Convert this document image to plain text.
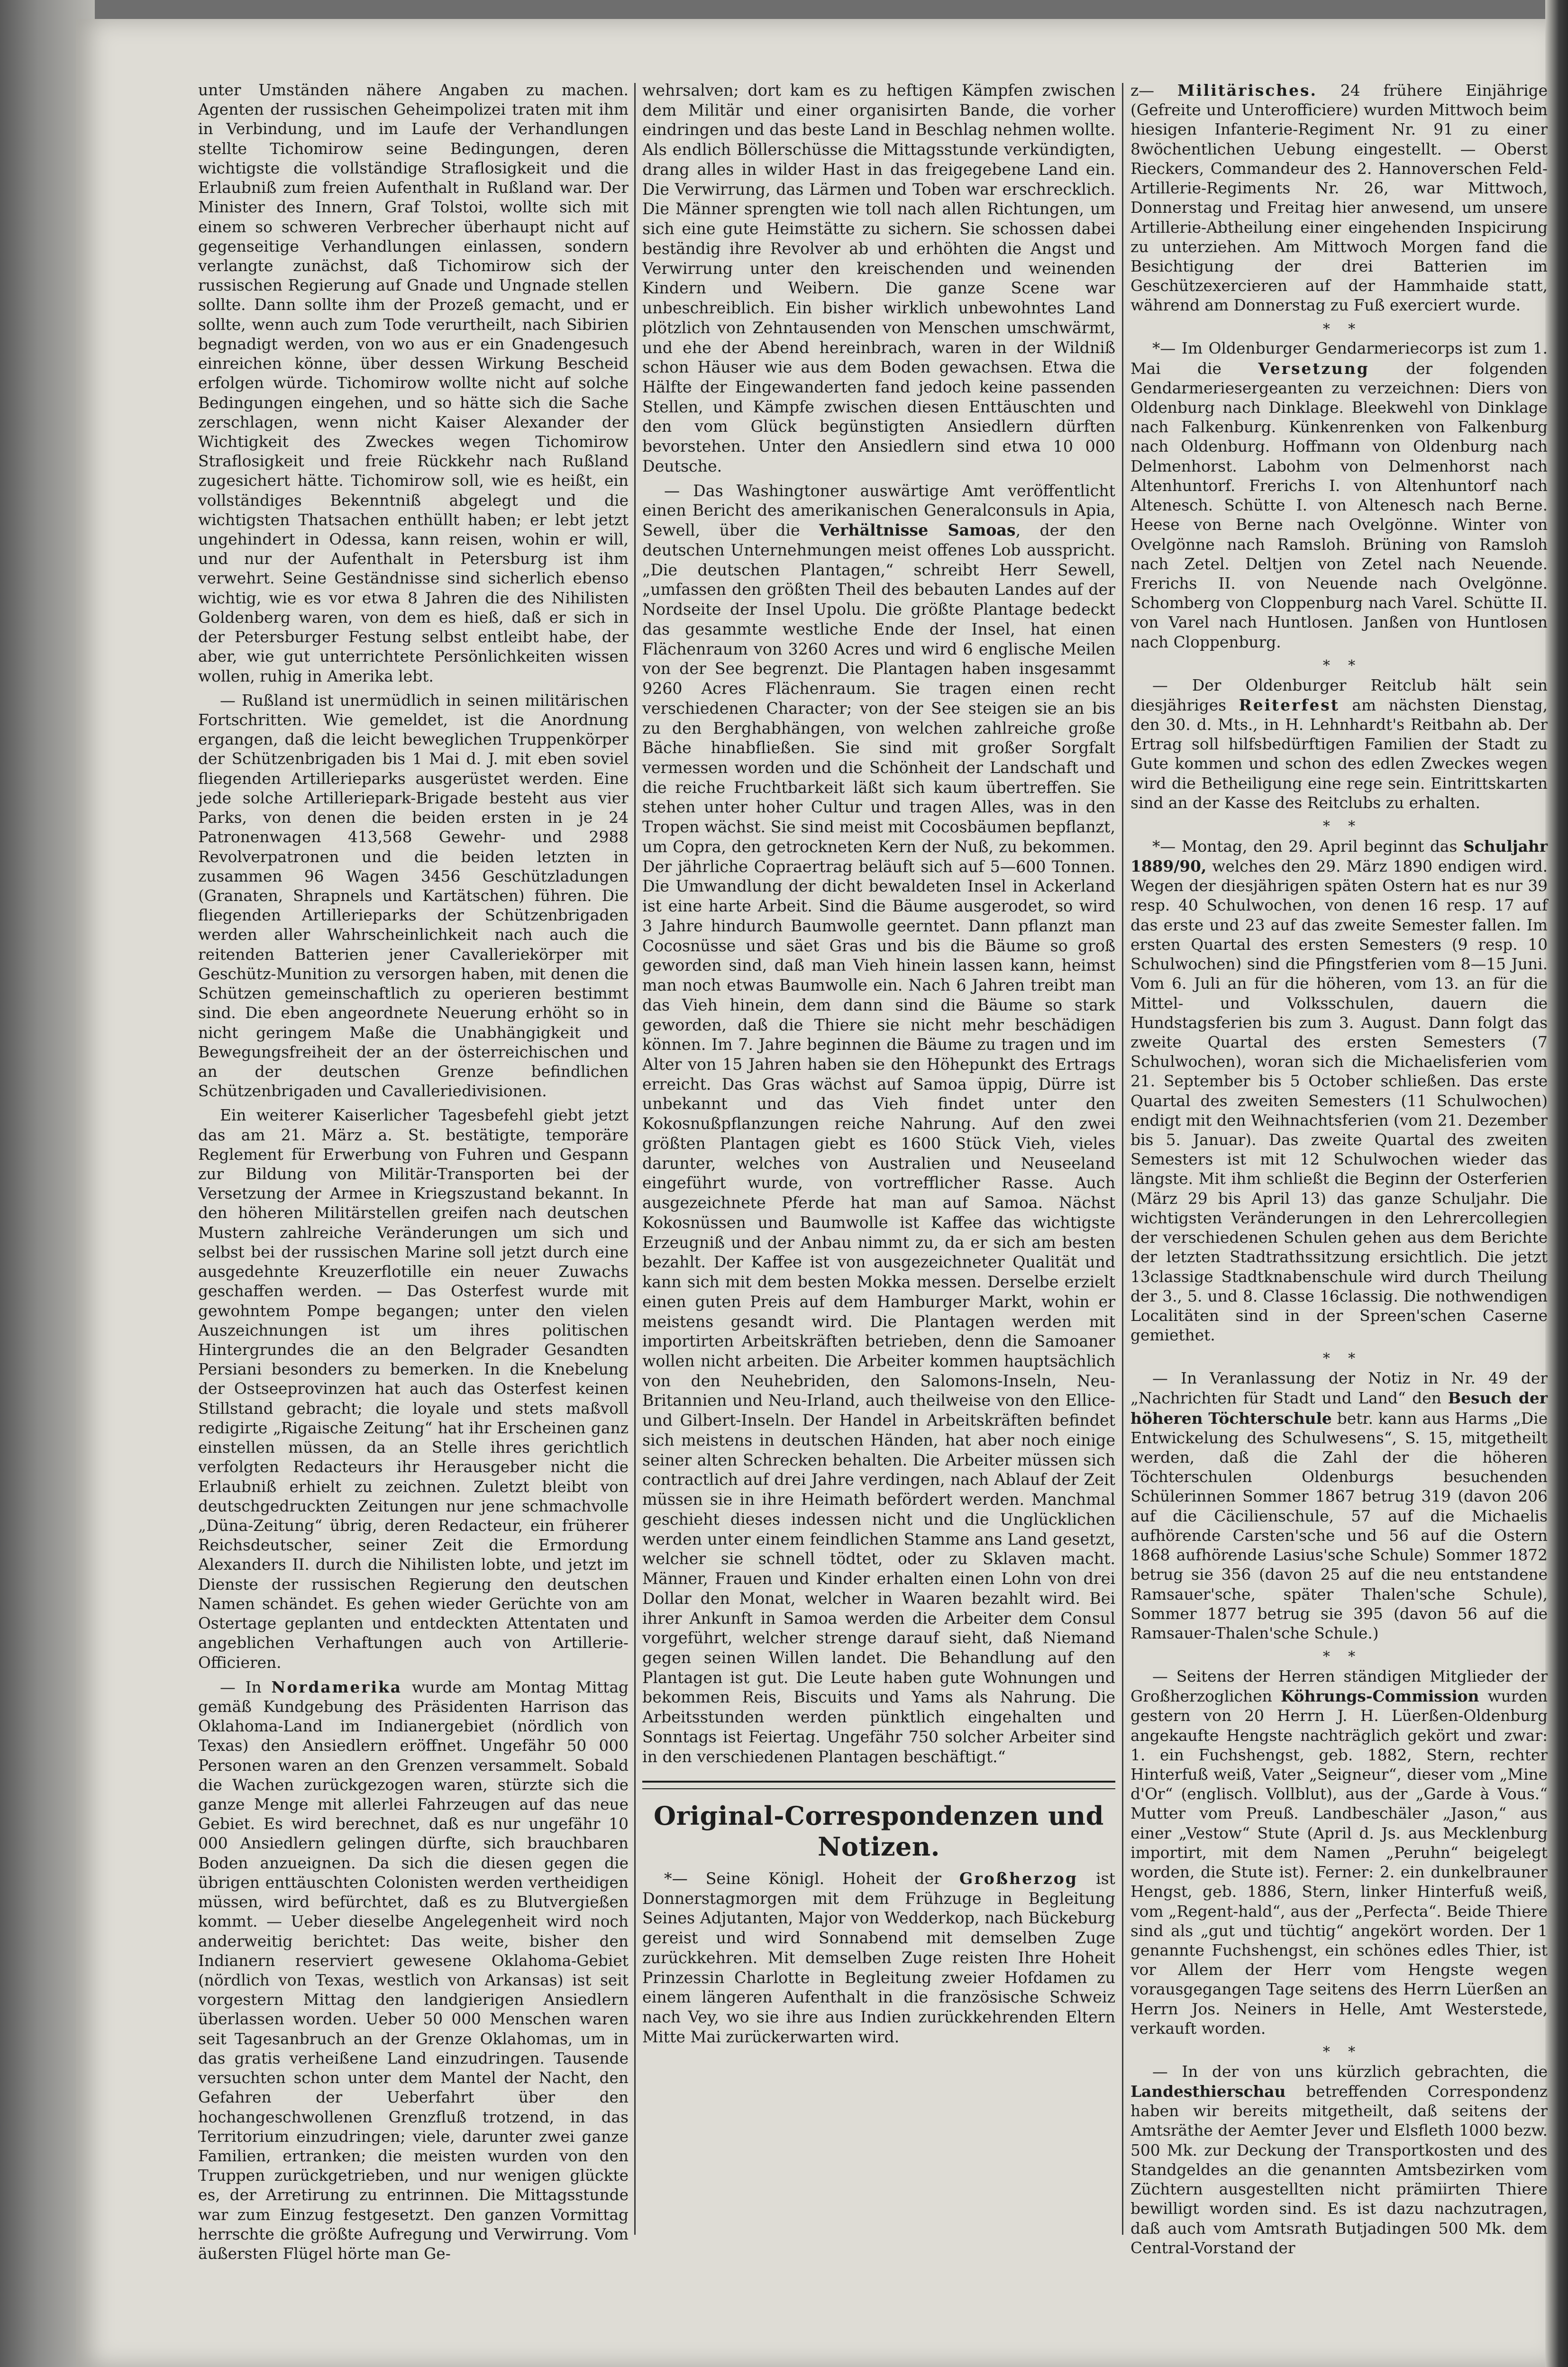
unter Umständen nähere Angaben zu machen. Agenten der russischen Geheimpolizei traten mit ihm in Verbindung, und im Laufe der Verhandlungen stellte Tichomirow seine Bedingungen, deren wichtigste die vollständige Straflosigkeit und die Erlaubniß zum freien Aufenthalt in Rußland war. Der Minister des Innern, Graf Tolstoi, wollte sich mit einem so schweren Verbrecher überhaupt nicht auf gegenseitige Verhandlungen einlassen, sondern verlangte zunächst, daß Tichomirow sich der russischen Regierung auf Gnade und Ungnade stellen sollte. Dann sollte ihm der Prozeß gemacht, und er sollte, wenn auch zum Tode verurtheilt, nach Sibirien begnadigt werden, von wo aus er ein Gnadengesuch einreichen könne, über dessen Wirkung Bescheid erfolgen würde. Tichomirow wollte nicht auf solche Bedingungen eingehen, und so hätte sich die Sache zerschlagen, wenn nicht Kaiser Alexander der Wichtigkeit des Zweckes wegen Tichomirow Straflosigkeit und freie Rückkehr nach Rußland zugesichert hätte. Tichomirow soll, wie es heißt, ein vollständiges Bekenntniß abgelegt und die wichtigsten Thatsachen enthüllt haben; er lebt jetzt ungehindert in Odessa, kann reisen, wohin er will, und nur der Aufenthalt in Petersburg ist ihm verwehrt. Seine Geständnisse sind sicherlich ebenso wichtig, wie es vor etwa 8 Jahren die des Nihilisten Goldenberg waren, von dem es hieß, daß er sich in der Petersburger Festung selbst entleibt habe, der aber, wie gut unterrichtete Persönlichkeiten wissen wollen, ruhig in Amerika lebt.

— Rußland ist unermüdlich in seinen militärischen Fortschritten. Wie gemeldet, ist die Anordnung ergangen, daß die leicht beweglichen Truppenkörper der Schützenbrigaden bis 1 Mai d. J. mit eben soviel fliegenden Artillerieparks ausgerüstet werden. Eine jede solche Artilleriepark-Brigade besteht aus vier Parks, von denen die beiden ersten in je 24 Patronenwagen 413,568 Gewehr- und 2988 Revolverpatronen und die beiden letzten in zusammen 96 Wagen 3456 Geschützladungen (Granaten, Shrapnels und Kartätschen) führen. Die fliegenden Artillerieparks der Schützenbrigaden werden aller Wahrscheinlichkeit nach auch die reitenden Batterien jener Cavalleriekörper mit Geschütz-Munition zu versorgen haben, mit denen die Schützen gemeinschaftlich zu operieren bestimmt sind. Die eben angeordnete Neuerung erhöht so in nicht geringem Maße die Unabhängigkeit und Bewegungsfreiheit der an der österreichischen und an der deutschen Grenze befindlichen Schützenbrigaden und Cavalleriedivisionen.

Ein weiterer Kaiserlicher Tagesbefehl giebt jetzt das am 21. März a. St. bestätigte, temporäre Reglement für Erwerbung von Fuhren und Gespann zur Bildung von Militär-Transporten bei der Versetzung der Armee in Kriegszustand bekannt. In den höheren Militärstellen greifen nach deutschen Mustern zahlreiche Veränderungen um sich und selbst bei der russischen Marine soll jetzt durch eine ausgedehnte Kreuzerflotille ein neuer Zuwachs geschaffen werden. — Das Osterfest wurde mit gewohntem Pompe begangen; unter den vielen Auszeichnungen ist um ihres politischen Hintergrundes die an den Belgrader Gesandten Persiani besonders zu bemerken. In die Knebelung der Ostseeprovinzen hat auch das Osterfest keinen Stillstand gebracht; die loyale und stets maßvoll redigirte „Rigaische Zeitung“ hat ihr Erscheinen ganz einstellen müssen, da an Stelle ihres gerichtlich verfolgten Redacteurs ihr Herausgeber nicht die Erlaubniß erhielt zu zeichnen. Zuletzt bleibt von deutschgedruckten Zeitungen nur jene schmachvolle „Düna-Zeitung“ übrig, deren Redacteur, ein früherer Reichsdeutscher, seiner Zeit die Ermordung Alexanders II. durch die Nihilisten lobte, und jetzt im Dienste der russischen Regierung den deutschen Namen schändet. Es gehen wieder Gerüchte von am Ostertage geplanten und entdeckten Attentaten und angeblichen Verhaftungen auch von Artillerie-Officieren.

— In Nordamerika wurde am Montag Mittag gemäß Kundgebung des Präsidenten Harrison das Oklahoma-Land im Indianergebiet (nördlich von Texas) den Ansiedlern eröffnet. Ungefähr 50 000 Personen waren an den Grenzen versammelt. Sobald die Wachen zurückgezogen waren, stürzte sich die ganze Menge mit allerlei Fahrzeugen auf das neue Gebiet. Es wird berechnet, daß es nur ungefähr 10 000 Ansiedlern gelingen dürfte, sich brauchbaren Boden anzueignen. Da sich die diesen gegen die übrigen enttäuschten Colonisten werden vertheidigen müssen, wird befürchtet, daß es zu Blutvergießen kommt. — Ueber dieselbe Angelegenheit wird noch anderweitig berichtet: Das weite, bisher den Indianern reserviert gewesene Oklahoma-Gebiet (nördlich von Texas, westlich von Arkansas) ist seit vorgestern Mittag den landgierigen Ansiedlern überlassen worden. Ueber 50 000 Menschen waren seit Tagesanbruch an der Grenze Oklahomas, um in das gratis verheißene Land einzudringen. Tausende versuchten schon unter dem Mantel der Nacht, den Gefahren der Ueberfahrt über den hochangeschwollenen Grenzfluß trotzend, in das Territorium einzudringen; viele, darunter zwei ganze Familien, ertranken; die meisten wurden von den Truppen zurückgetrieben, und nur wenigen glückte es, der Arretirung zu entrinnen. Die Mittagsstunde war zum Einzug festgesetzt. Den ganzen Vormittag herrschte die größte Aufregung und Verwirrung. Vom äußersten Flügel hörte man Ge-

wehrsalven; dort kam es zu heftigen Kämpfen zwischen dem Militär und einer organisirten Bande, die vorher eindringen und das beste Land in Beschlag nehmen wollte. Als endlich Böllerschüsse die Mittagsstunde verkündigten, drang alles in wilder Hast in das freigegebene Land ein. Die Verwirrung, das Lärmen und Toben war erschrecklich. Die Männer sprengten wie toll nach allen Richtungen, um sich eine gute Heimstätte zu sichern. Sie schossen dabei beständig ihre Revolver ab und erhöhten die Angst und Verwirrung unter den kreischenden und weinenden Kindern und Weibern. Die ganze Scene war unbeschreiblich. Ein bisher wirklich unbewohntes Land plötzlich von Zehntausenden von Menschen umschwärmt, und ehe der Abend hereinbrach, waren in der Wildniß schon Häuser wie aus dem Boden gewachsen. Etwa die Hälfte der Eingewanderten fand jedoch keine passenden Stellen, und Kämpfe zwischen diesen Enttäuschten und den vom Glück begünstigten Ansiedlern dürften bevorstehen. Unter den Ansiedlern sind etwa 10 000 Deutsche.

— Das Washingtoner auswärtige Amt veröffentlicht einen Bericht des amerikanischen Generalconsuls in Apia, Sewell, über die Verhältnisse Samoas, der den deutschen Unternehmungen meist offenes Lob ausspricht. „Die deutschen Plantagen,“ schreibt Herr Sewell, „umfassen den größten Theil des bebauten Landes auf der Nordseite der Insel Upolu. Die größte Plantage bedeckt das gesammte westliche Ende der Insel, hat einen Flächenraum von 3260 Acres und wird 6 englische Meilen von der See begrenzt. Die Plantagen haben insgesammt 9260 Acres Flächenraum. Sie tragen einen recht verschiedenen Character; von der See steigen sie an bis zu den Berghabhängen, von welchen zahlreiche große Bäche hinabfließen. Sie sind mit großer Sorgfalt vermessen worden und die Schönheit der Landschaft und die reiche Fruchtbarkeit läßt sich kaum übertreffen. Sie stehen unter hoher Cultur und tragen Alles, was in den Tropen wächst. Sie sind meist mit Cocosbäumen bepflanzt, um Copra, den getrockneten Kern der Nuß, zu bekommen. Der jährliche Copraertrag beläuft sich auf 5—600 Tonnen. Die Umwandlung der dicht bewaldeten Insel in Ackerland ist eine harte Arbeit. Sind die Bäume ausgerodet, so wird 3 Jahre hindurch Baumwolle geerntet. Dann pflanzt man Cocosnüsse und säet Gras und bis die Bäume so groß geworden sind, daß man Vieh hinein lassen kann, heimst man noch etwas Baumwolle ein. Nach 6 Jahren treibt man das Vieh hinein, dem dann sind die Bäume so stark geworden, daß die Thiere sie nicht mehr beschädigen können. Im 7. Jahre beginnen die Bäume zu tragen und im Alter von 15 Jahren haben sie den Höhepunkt des Ertrags erreicht. Das Gras wächst auf Samoa üppig, Dürre ist unbekannt und das Vieh findet unter den Kokosnußpflanzungen reiche Nahrung. Auf den zwei größten Plantagen giebt es 1600 Stück Vieh, vieles darunter, welches von Australien und Neuseeland eingeführt wurde, von vortrefflicher Rasse. Auch ausgezeichnete Pferde hat man auf Samoa. Nächst Kokosnüssen und Baumwolle ist Kaffee das wichtigste Erzeugniß und der Anbau nimmt zu, da er sich am besten bezahlt. Der Kaffee ist von ausgezeichneter Qualität und kann sich mit dem besten Mokka messen. Derselbe erzielt einen guten Preis auf dem Hamburger Markt, wohin er meistens gesandt wird. Die Plantagen werden mit importirten Arbeitskräften betrieben, denn die Samoaner wollen nicht arbeiten. Die Arbeiter kommen hauptsächlich von den Neuhebriden, den Salomons-Inseln, Neu-Britannien und Neu-Irland, auch theilweise von den Ellice- und Gilbert-Inseln. Der Handel in Arbeitskräften befindet sich meistens in deutschen Händen, hat aber noch einige seiner alten Schrecken behalten. Die Arbeiter müssen sich contractlich auf drei Jahre verdingen, nach Ablauf der Zeit müssen sie in ihre Heimath befördert werden. Manchmal geschieht dieses indessen nicht und die Unglücklichen werden unter einem feindlichen Stamme ans Land gesetzt, welcher sie schnell tödtet, oder zu Sklaven macht. Männer, Frauen und Kinder erhalten einen Lohn von drei Dollar den Monat, welcher in Waaren bezahlt wird. Bei ihrer Ankunft in Samoa werden die Arbeiter dem Consul vorgeführt, welcher strenge darauf sieht, daß Niemand gegen seinen Willen landet. Die Behandlung auf den Plantagen ist gut. Die Leute haben gute Wohnungen und bekommen Reis, Biscuits und Yams als Nahrung. Die Arbeitsstunden werden pünktlich eingehalten und Sonntags ist Feiertag. Ungefähr 750 solcher Arbeiter sind in den verschiedenen Plantagen beschäftigt.“

Original-Correspondenzen und Notizen.

*— Seine Königl. Hoheit der Großherzog ist Donnerstagmorgen mit dem Frühzuge in Begleitung Seines Adjutanten, Major von Wedderkop, nach Bückeburg gereist und wird Sonnabend mit demselben Zuge zurückkehren. Mit demselben Zuge reisten Ihre Hoheit Prinzessin Charlotte in Begleitung zweier Hofdamen zu einem längeren Aufenthalt in die französische Schweiz nach Vey, wo sie ihre aus Indien zurückkehrenden Eltern Mitte Mai zurückerwarten wird.

z— Militärisches. 24 frühere Einjährige (Gefreite und Unterofficiere) wurden Mittwoch beim hiesigen Infanterie-Regiment Nr. 91 zu einer 8wöchentlichen Uebung eingestellt. — Oberst Rieckers, Commandeur des 2. Hannoverschen Feld-Artillerie-Regiments Nr. 26, war Mittwoch, Donnerstag und Freitag hier anwesend, um unsere Artillerie-Abtheilung einer eingehenden Inspicirung zu unterziehen. Am Mittwoch Morgen fand die Besichtigung der drei Batterien im Geschützexercieren auf der Hammhaide statt, während am Donnerstag zu Fuß exerciert wurde.

*    *

*— Im Oldenburger Gendarmeriecorps ist zum 1. Mai die Versetzung der folgenden Gendarmeriesergeanten zu verzeichnen: Diers von Oldenburg nach Dinklage. Bleekwehl von Dinklage nach Falkenburg. Künkenrenken von Falkenburg nach Oldenburg. Hoffmann von Oldenburg nach Delmenhorst. Labohm von Delmenhorst nach Altenhuntorf. Frerichs I. von Altenhuntorf nach Altenesch. Schütte I. von Altenesch nach Berne. Heese von Berne nach Ovelgönne. Winter von Ovelgönne nach Ramsloh. Brüning von Ramsloh nach Zetel. Deltjen von Zetel nach Neuende. Frerichs II. von Neuende nach Ovelgönne. Schomberg von Cloppenburg nach Varel. Schütte II. von Varel nach Huntlosen. Janßen von Huntlosen nach Cloppenburg.

*    *

— Der Oldenburger Reitclub hält sein diesjähriges Reiterfest am nächsten Dienstag, den 30. d. Mts., in H. Lehnhardt's Reitbahn ab. Der Ertrag soll hilfsbedürftigen Familien der Stadt zu Gute kommen und schon des edlen Zweckes wegen wird die Betheiligung eine rege sein. Eintrittskarten sind an der Kasse des Reitclubs zu erhalten.

*    *

*— Montag, den 29. April beginnt das Schuljahr 1889/90, welches den 29. März 1890 endigen wird. Wegen der diesjährigen späten Ostern hat es nur 39 resp. 40 Schulwochen, von denen 16 resp. 17 auf das erste und 23 auf das zweite Semester fallen. Im ersten Quartal des ersten Semesters (9 resp. 10 Schulwochen) sind die Pfingstferien vom 8—15 Juni. Vom 6. Juli an für die höheren, vom 13. an für die Mittel- und Volksschulen, dauern die Hundstagsferien bis zum 3. August. Dann folgt das zweite Quartal des ersten Semesters (7 Schulwochen), woran sich die Michaelisferien vom 21. September bis 5 October schließen. Das erste Quartal des zweiten Semesters (11 Schulwochen) endigt mit den Weihnachtsferien (vom 21. Dezember bis 5. Januar). Das zweite Quartal des zweiten Semesters ist mit 12 Schulwochen wieder das längste. Mit ihm schließt die Beginn der Osterferien (März 29 bis April 13) das ganze Schuljahr. Die wichtigsten Veränderungen in den Lehrercollegien der verschiedenen Schulen gehen aus dem Berichte der letzten Stadtrathssitzung ersichtlich. Die jetzt 13classige Stadtknabenschule wird durch Theilung der 3., 5. und 8. Classe 16classig. Die nothwendigen Localitäten sind in der Spreen'schen Caserne gemiethet.

*    *

— In Veranlassung der Notiz in Nr. 49 der „Nachrichten für Stadt und Land“ den Besuch der höheren Töchterschule betr. kann aus Harms „Die Entwickelung des Schulwesens“, S. 15, mitgetheilt werden, daß die Zahl der die höheren Töchterschulen Oldenburgs besuchenden Schülerinnen Sommer 1867 betrug 319 (davon 206 auf die Cäcilienschule, 57 auf die Michaelis aufhörende Carsten'sche und 56 auf die Ostern 1868 aufhörende Lasius'sche Schule) Sommer 1872 betrug sie 356 (davon 25 auf die neu entstandene Ramsauer'sche, später Thalen'sche Schule), Sommer 1877 betrug sie 395 (davon 56 auf die Ramsauer-Thalen'sche Schule.)

*    *

— Seitens der Herren ständigen Mitglieder der Großherzoglichen Köhrungs-Commission wurden gestern von 20 Herrn J. H. Lüerßen-Oldenburg angekaufte Hengste nachträglich gekört und zwar: 1. ein Fuchshengst, geb. 1882, Stern, rechter Hinterfuß weiß, Vater „Seigneur“, dieser vom „Mine d'Or“ (englisch. Vollblut), aus der „Garde à Vous.“ Mutter vom Preuß. Landbeschäler „Jason,“ aus einer „Vestow“ Stute (April d. Js. aus Mecklenburg importirt, mit dem Namen „Peruhn“ beigelegt worden, die Stute ist). Ferner: 2. ein dunkelbrauner Hengst, geb. 1886, Stern, linker Hinterfuß weiß, vom „Regent-hald“, aus der „Perfecta“. Beide Thiere sind als „gut und tüchtig“ angekört worden. Der 1 genannte Fuchshengst, ein schönes edles Thier, ist vor Allem der Herr vom Hengste wegen vorausgegangen Tage seitens des Herrn Lüerßen an Herrn Jos. Neiners in Helle, Amt Westerstede, verkauft worden.

*    *

— In der von uns kürzlich gebrachten, die Landesthierschau betreffenden Correspondenz haben wir bereits mitgetheilt, daß seitens der Amtsräthe der Aemter Jever und Elsfleth 1000 bezw. 500 Mk. zur Deckung der Transportkosten und des Standgeldes an die genannten Amtsbezirken vom Züchtern ausgestellten nicht prämiirten Thiere bewilligt worden sind. Es ist dazu nachzutragen, daß auch vom Amtsrath Butjadingen 500 Mk. dem Central-Vorstand der
